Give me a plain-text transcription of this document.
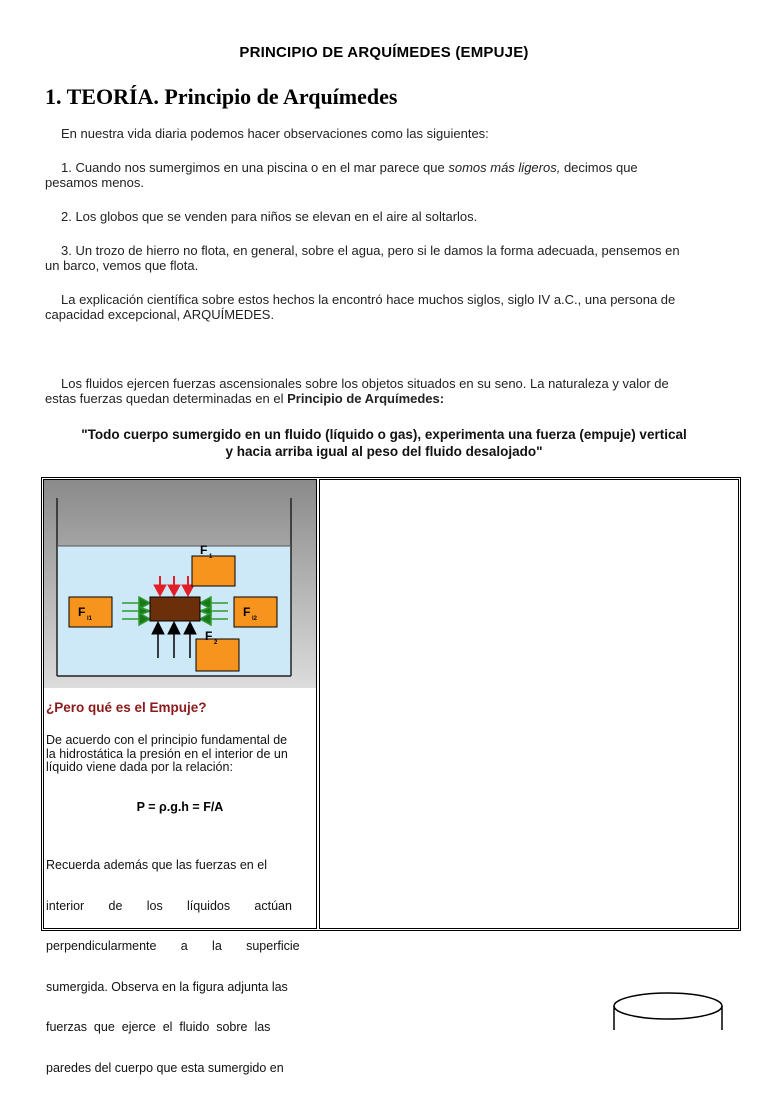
PRINCIPIO DE ARQUÍMEDES (EMPUJE)
1. TEORÍA. Principio de Arquímedes
En nuestra vida diaria podemos hacer observaciones como las siguientes:
1. Cuando nos sumergimos en una piscina o en el mar parece que somos más ligeros, decimos que
pesamos menos.
2. Los globos que se venden para niños se elevan en el aire al soltarlos.
3. Un trozo de hierro no flota, en general, sobre el agua, pero si le damos la forma adecuada, pensemos en
un barco, vemos que flota.
La explicación científica sobre estos hechos la encontró hace muchos siglos, siglo IV a.C., una persona de
capacidad excepcional, ARQUÍMEDES.
Los fluidos ejercen fuerzas ascensionales sobre los objetos situados en su seno. La naturaleza y valor de
estas fuerzas quedan determinadas en el Principio de Arquímedes:
"Todo cuerpo sumergido en un fluido (líquido o gas), experimenta una fuerza (empuje) vertical
y hacia arriba igual al peso del fluido desalojado"
F 1
F l1	F l2
F 2
¿Pero qué es el Empuje?
De acuerdo con el principio fundamental de
la hidrostática la presión en el interior de un
líquido viene dada por la relación:
P = ρ.g.h = F/A

Recuerda además que las fuerzas en el

interior       de       los       líquidos       actúan

perpendicularmente       a       la       superficie

sumergida. Observa en la figura adjunta las

fuerzas  que  ejerce  el  fluido  sobre  las

paredes del cuerpo que esta sumergido en
